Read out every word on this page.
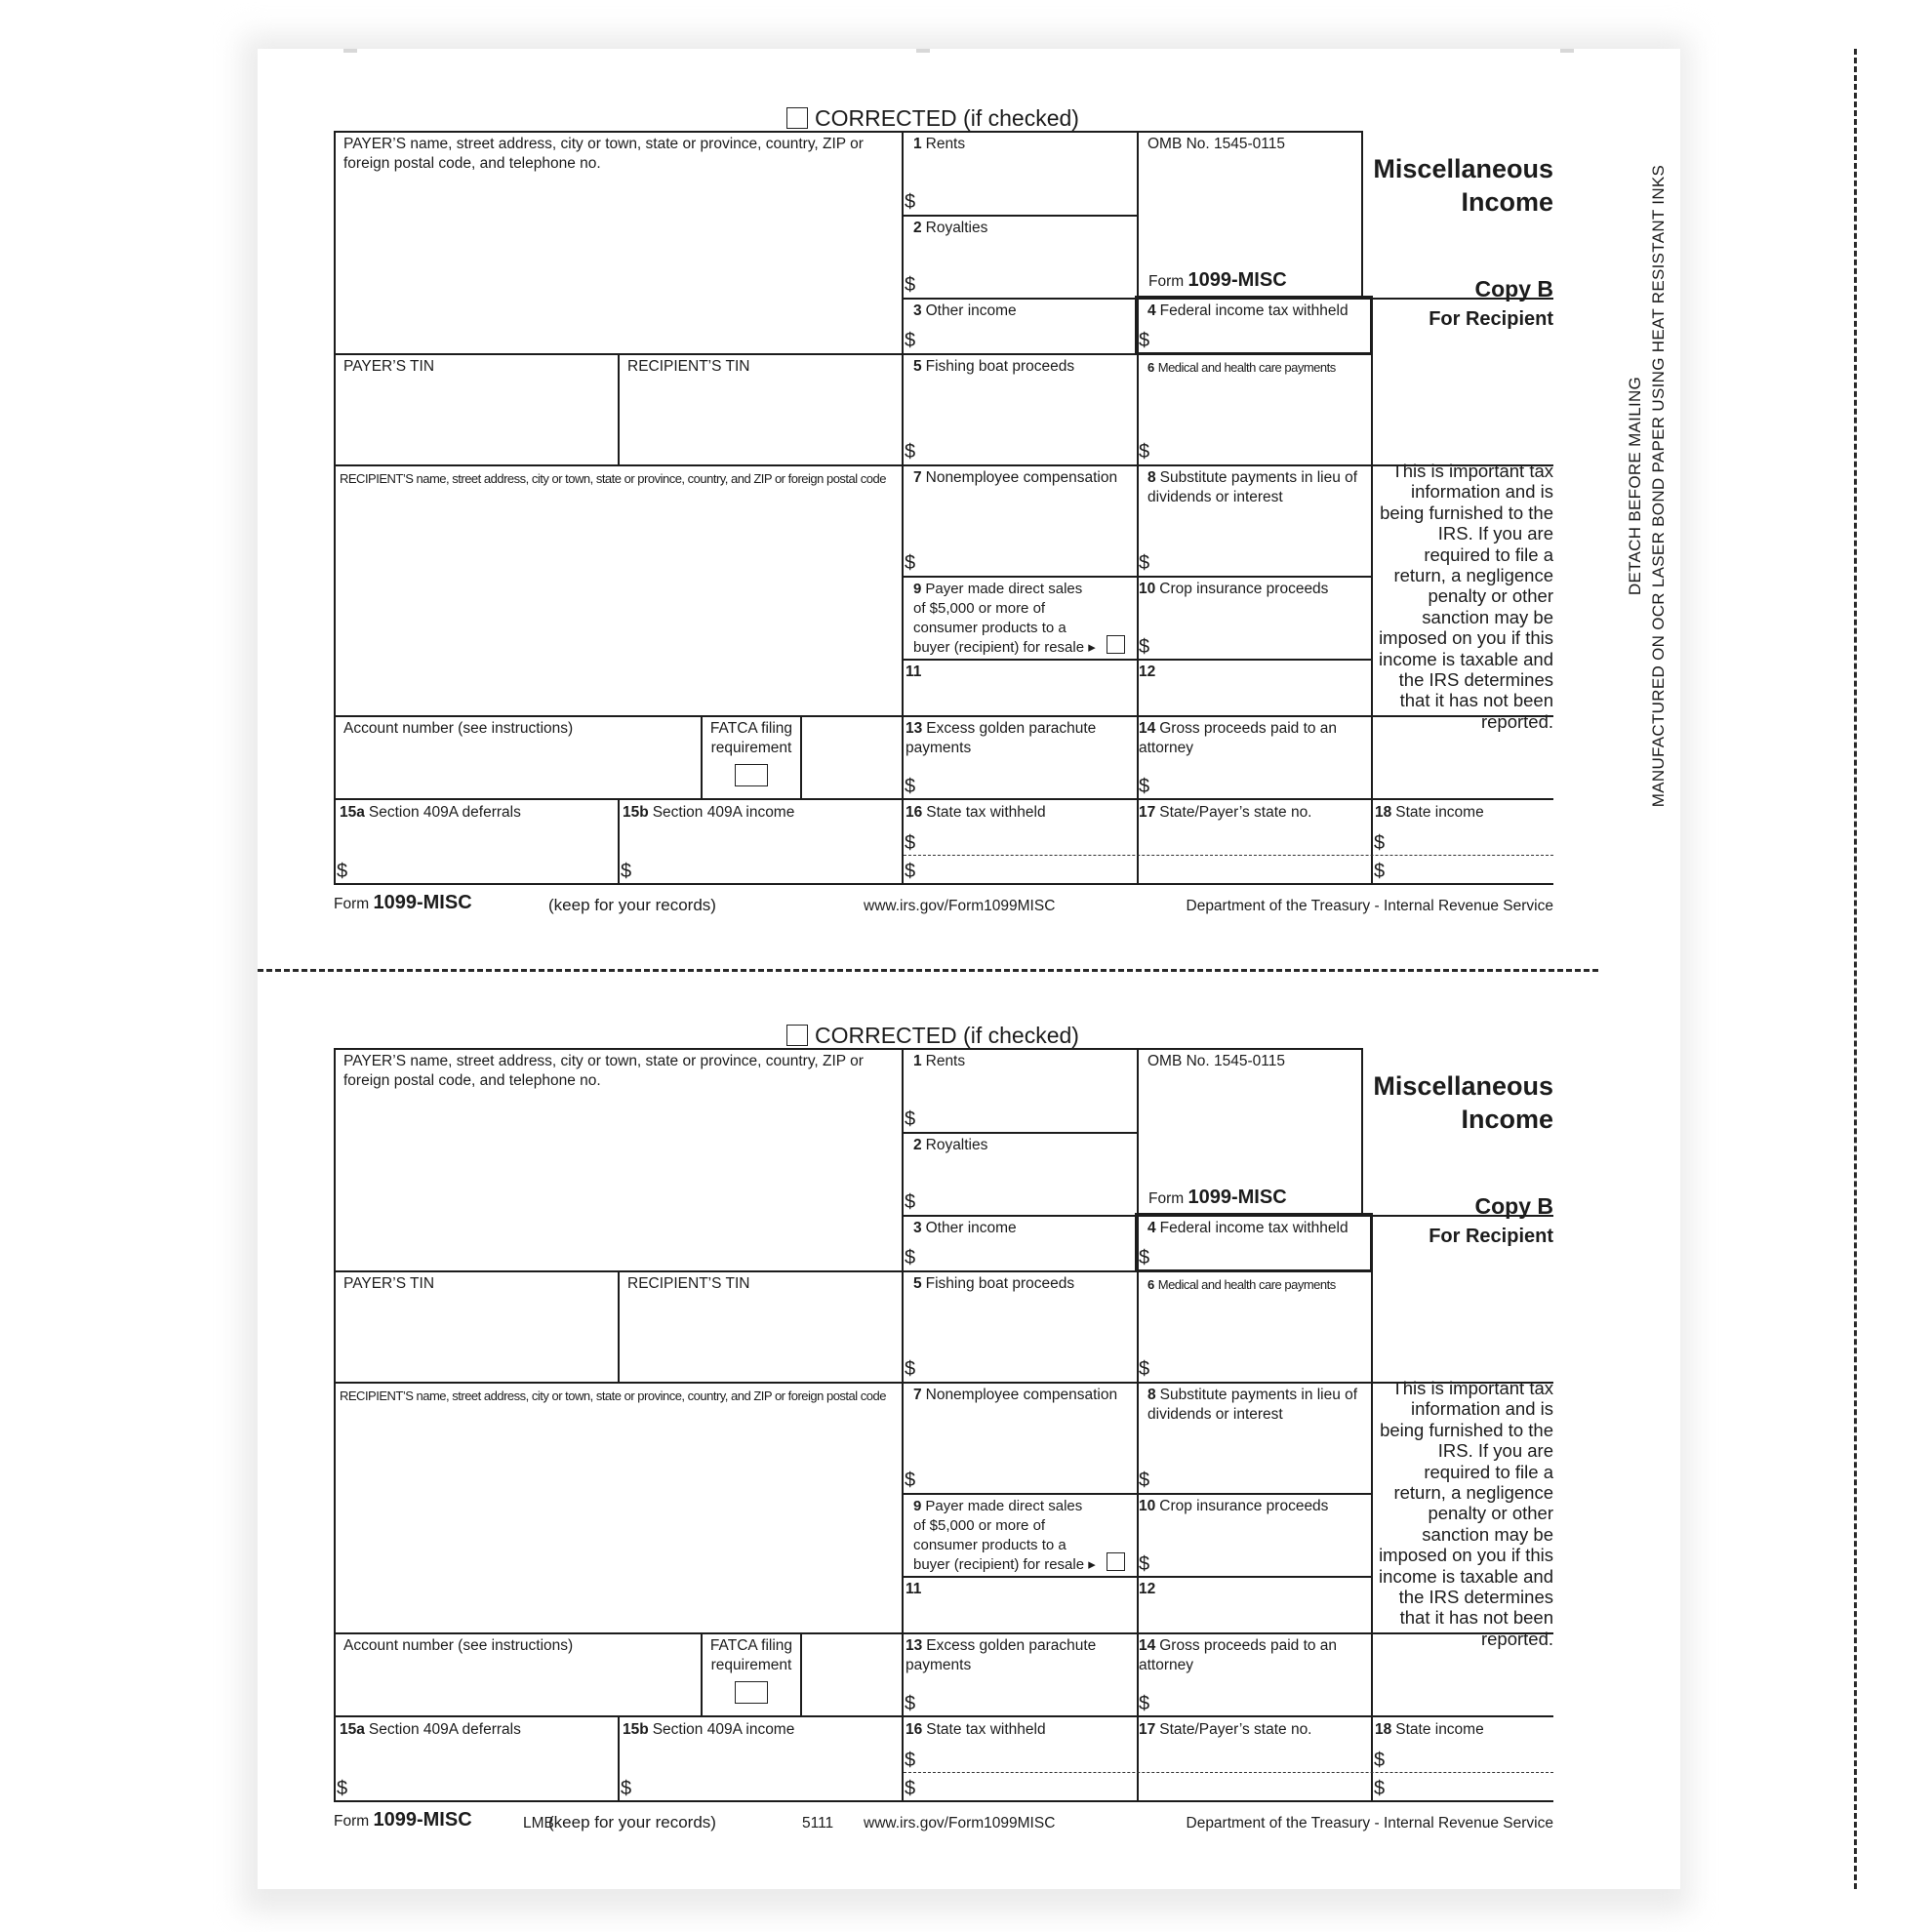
DETACH BEFORE MAILING MANUFACTURED ON OCR LASER BOND PAPER USING HEAT RESISTANT INKS
CORRECTED (if checked)
PAYER’S name, street address, city or town, state or province, country, ZIP or foreign postal code, and telephone no.
1 Rents
$
2 Royalties
$
OMB No. 1545-0115
Form 1099-MISC
Miscellaneous
Income
Copy B
For Recipient
3 Other income
$
4 Federal income tax withheld
$
PAYER’S TIN	RECIPIENT’S TIN	5 Fishing boat proceeds
$
6 Medical and health care payments
$
RECIPIENT’S name, street address, city or town, state or province, country, and ZIP or foreign postal code 7 Nonemployee compensation
$
8 Substitute payments in lieu of dividends or interest
$
9 Payer made direct sales of $5,000 or more of consumer products to a buyer (recipient) for resale ▸
10 Crop insurance proceeds
$
11	12
Account number (see instructions)	FATCA filing requirement
13 Excess golden parachute payments
$
14 Gross proceeds paid to an attorney
$
15a Section 409A deferrals
$
15b Section 409A income
$
16 State tax withheld
$
$
17 State/Payer’s state no.	18 State income
$
$
This is important tax information and is being furnished to the IRS. If you are required to file a return, a negligence penalty or other sanction may be imposed on you if this income is taxable and the IRS determines that it has not been reported.
Form 1099-MISC	(keep for your records)	www.irs.gov/Form1099MISC	Department of the Treasury - Internal Revenue Service
CORRECTED (if checked)
PAYER’S name, street address, city or town, state or province, country, ZIP or foreign postal code, and telephone no.
1 Rents
$
2 Royalties
$
OMB No. 1545-0115
Form 1099-MISC
Miscellaneous
Income
Copy B
For Recipient
3 Other income
$
4 Federal income tax withheld
$
PAYER’S TIN	RECIPIENT’S TIN	5 Fishing boat proceeds
$
6 Medical and health care payments
$
RECIPIENT’S name, street address, city or town, state or province, country, and ZIP or foreign postal code 7 Nonemployee compensation
$
8 Substitute payments in lieu of dividends or interest
$
9 Payer made direct sales of $5,000 or more of consumer products to a buyer (recipient) for resale ▸
10 Crop insurance proceeds
$
11	12
Account number (see instructions)	FATCA filing requirement
13 Excess golden parachute payments
$
14 Gross proceeds paid to an attorney
$
15a Section 409A deferrals
$
15b Section 409A income
$
16 State tax withheld
$
$
17 State/Payer’s state no.	18 State income
$
$
This is important tax information and is being furnished to the IRS. If you are required to file a return, a negligence penalty or other sanction may be imposed on you if this income is taxable and the IRS determines that it has not been reported.
Form 1099-MISC	(keep for your records)	www.irs.gov/Form1099MISC	Department of the Treasury - Internal Revenue Service
LMB	5111
